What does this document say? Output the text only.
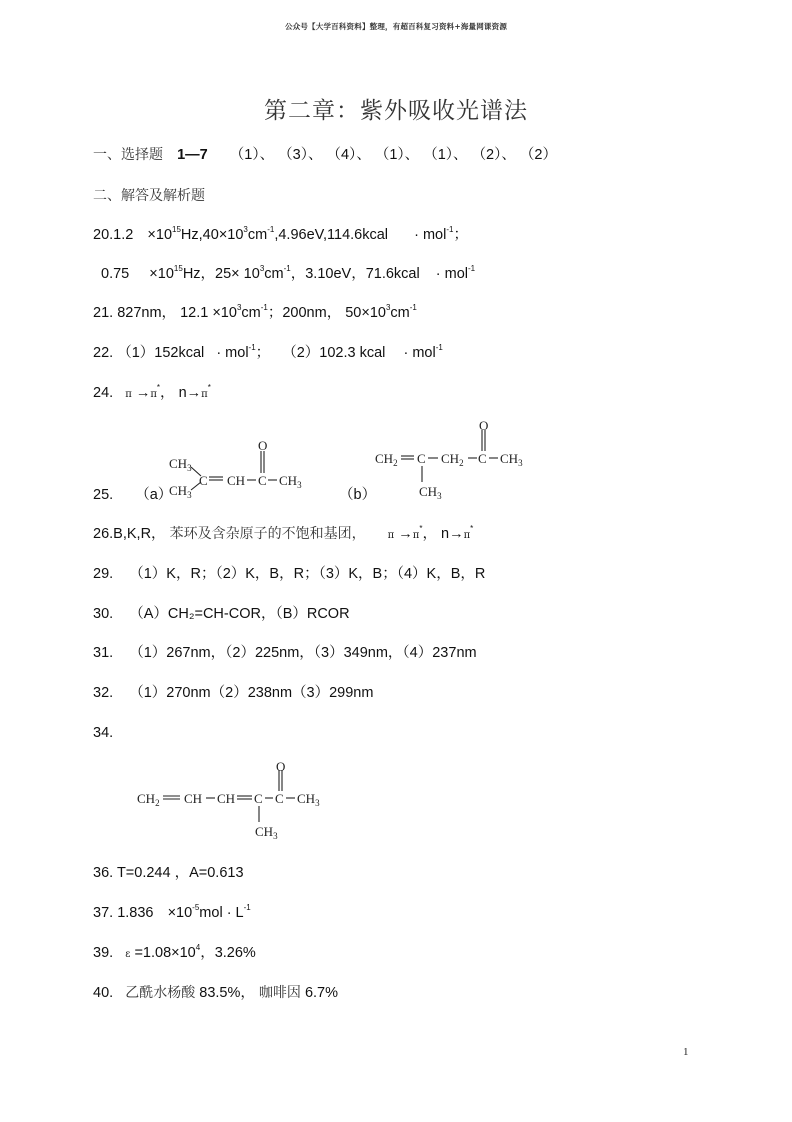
公众号【大学百科资料】整理，有超百科复习资料+海量网课资源
第二章：紫外吸收光谱法
一、选择题 1—7 （1）、 （3）、 （4）、 （1）、 （1）、 （2）、 （2）
二、解答及解析题
$20.1.2 \times 10^{15}Hz,40\times 10^3cm^{-1},4.96eV,114.6kcal \cdot mol^{-1}$；
$0.75 \times 10^{15}Hz$，$25\times 10^3cm^{-1}$，3.10eV，71.6kcal · mol$^{-1}$
21. 827nm， $12.1 \times 10^3cm^{-1}$；200nm， $50\times 10^3cm^{-1}$
22. （1）152kcal · mol$^{-1}$； （2）102.3 kcal · mol$^{-1}$
24. π →π*， n→π*
25. （a）	（b）
$CH_3$
$CH_3$
C CH C
O
$CH_3$
$CH_2$ C
$CH_3$
$CH_2$ C
O
$CH_3$
26.B,K,R， 苯环及含杂原子的不饱和基团， π →π*， n→π*
29. （1）K，R；（2）K，B，R；（3）K，B；（4）K，B，R
30. （A）CH₂=CH-COR，（B）RCOR
31. （1）267nm，（2）225nm，（3）349nm，（4）237nm
32. （1）270nm（2）238nm（3）299nm
34.
$CH_2$ CH CH C
$CH_3$
C
O
$CH_3$
36. T=0.244 ，A=0.613
37. $1.836 \times 10^{-5}mol \cdot L^{-1}$
39. $\varepsilon =1.08\times 10^4$，3.26%
40. 乙酰水杨酸 83.5%， 咖啡因 6.7%
1
